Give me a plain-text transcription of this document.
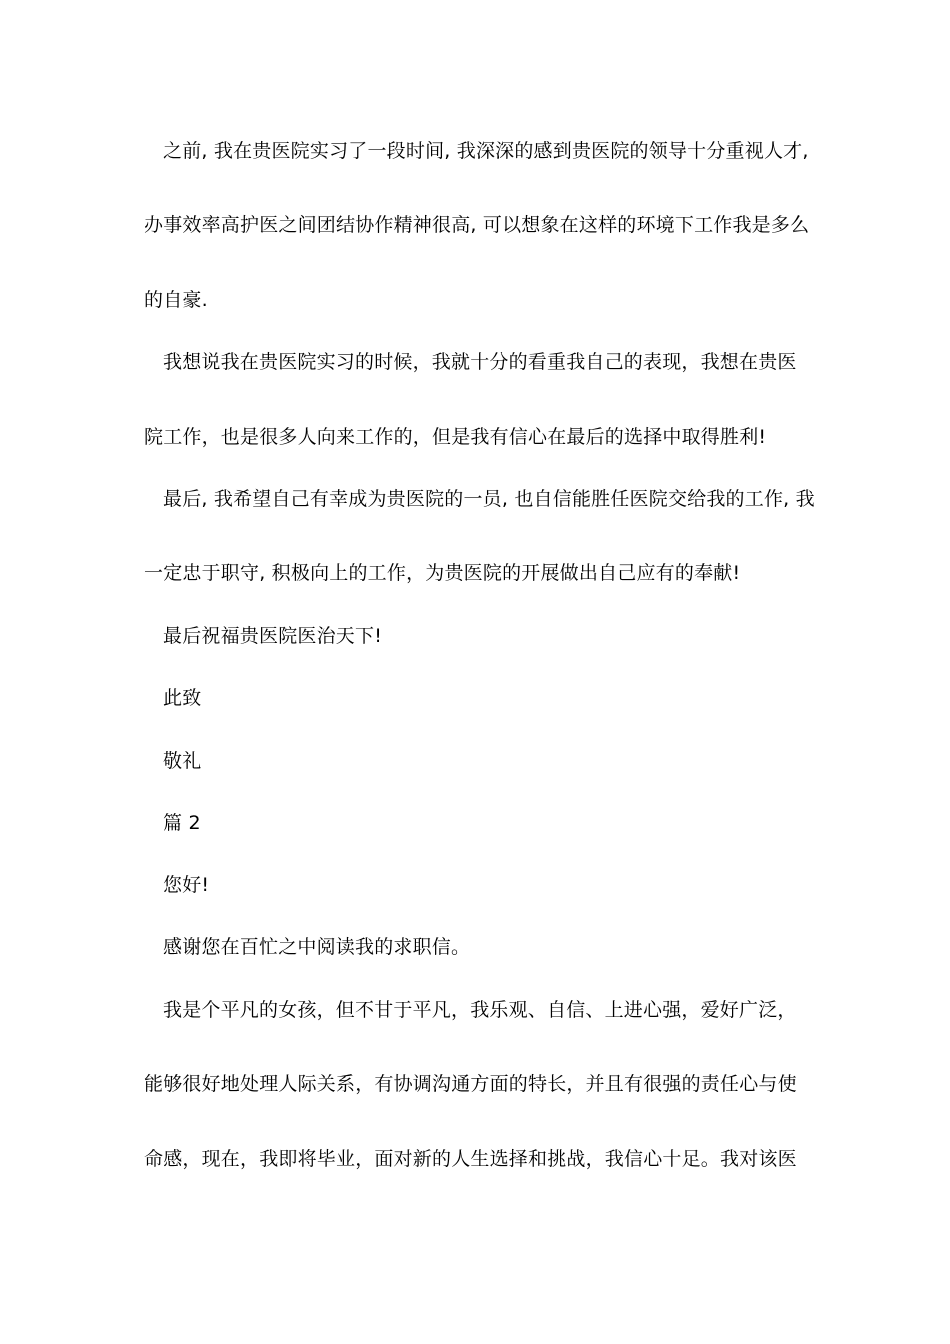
之前, 我在贵医院实习了一段时间, 我深深的感到贵医院的领导十分重视人才,
办事效率高护医之间团结协作精神很高, 可以想象在这样的环境下工作我是多么
的自豪.
我想说我在贵医院实习的时候，我就十分的看重我自己的表现，我想在贵医
院工作，也是很多人向来工作的，但是我有信心在最后的选择中取得胜利!
最后, 我希望自己有幸成为贵医院的一员, 也自信能胜任医院交给我的工作, 我
一定忠于职守, 积极向上的工作，为贵医院的开展做出自己应有的奉献!
最后祝福贵医院医治天下!
此致
敬礼
篇 2
您好!
感谢您在百忙之中阅读我的求职信。
我是个平凡的女孩，但不甘于平凡，我乐观、自信、上进心强，爱好广泛，
能够很好地处理人际关系，有协调沟通方面的特长，并且有很强的责任心与使
命感，现在，我即将毕业，面对新的人生选择和挑战，我信心十足。我对该医
